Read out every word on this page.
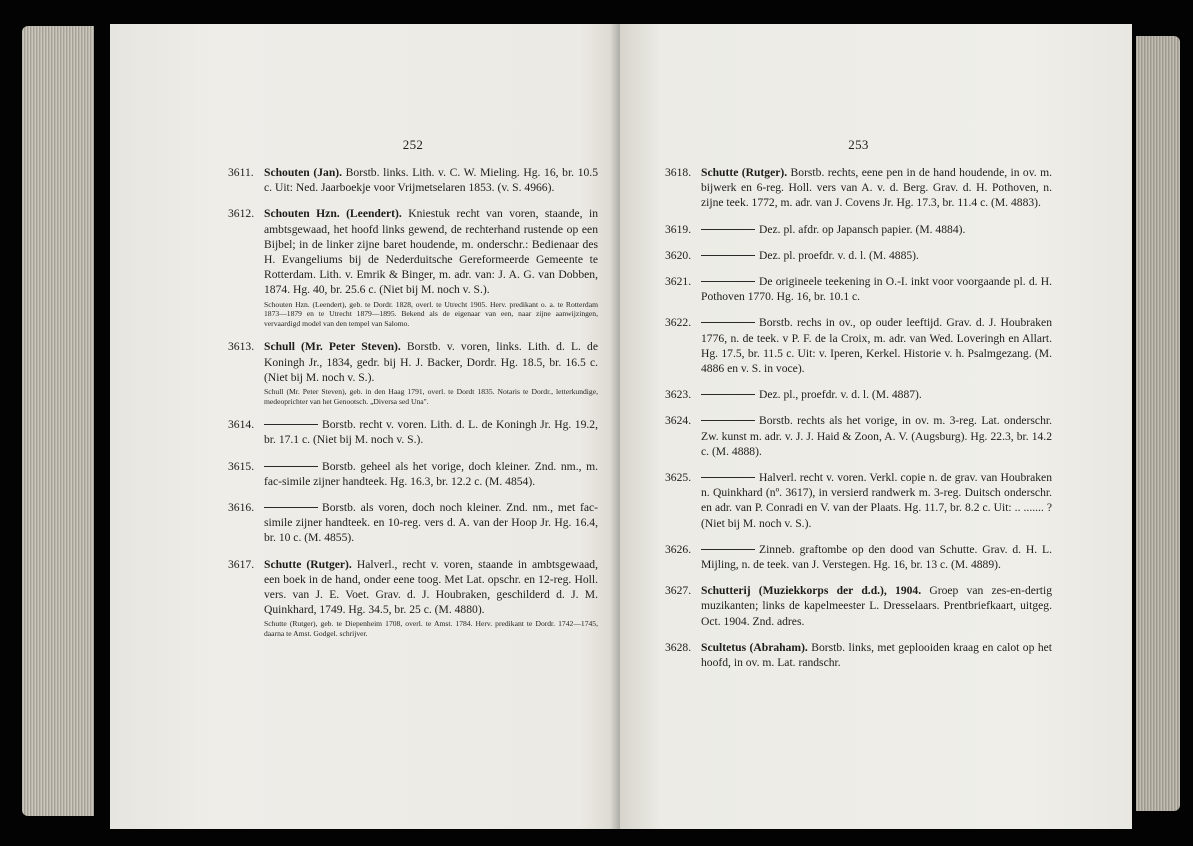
252
3611. Schouten (Jan). Borstb. links. Lith. v. C. W. Mieling. Hg. 16, br. 10.5 c. Uit: Ned. Jaarboekje voor Vrijmetselaren 1853. (v. S. 4966).
3612. Schouten Hzn. (Leendert). Kniestuk recht van voren, staande, in ambtsgewaad, het hoofd links gewend, de rechterhand rustende op een Bijbel; in de linker zijne baret houdende, m. onderschr.: Bedienaar des H. Evangeliums bij de Nederduitsche Gereformeerde Gemeente te Rotterdam. Lith. v. Emrik & Binger, m. adr. van: J. A. G. van Dobben, 1874. Hg. 40, br. 25.6 c. (Niet bij M. noch v. S.).
Schouten Hzn. (Leendert), geb. te Dordr. 1828, overl. te Utrecht 1905. Herv. predikant o. a. te Rotterdam 1873—1879 en te Utrecht 1879—1895. Bekend als de eigenaar van een, naar zijne aanwijzingen, vervaardigd model van den tempel van Salomo.
3613. Schull (Mr. Peter Steven). Borstb. v. voren, links. Lith. d. L. de Koningh Jr., 1834, gedr. bij H. J. Backer, Dordr. Hg. 18.5, br. 16.5 c. (Niet bij M. noch v. S.).
Schull (Mr. Peter Steven), geb. in den Haag 1791, overl. te Dordt 1835. Notaris te Dordr., letterkundige, medeoprichter van het Genootsch. „Diversa sed Una".
3614.	Borstb. recht v. voren. Lith. d. L. de Koningh Jr. Hg. 19.2, br. 17.1 c. (Niet bij M. noch v. S.).
3615.	Borstb. geheel als het vorige, doch kleiner. Znd. nm., m. fac-simile zijner handteek. Hg. 16.3, br. 12.2 c. (M. 4854).
3616.	Borstb. als voren, doch noch kleiner. Znd. nm., met fac-simile zijner handteek. en 10-reg. vers d. A. van der Hoop Jr. Hg. 16.4, br. 10 c. (M. 4855).
3617. Schutte (Rutger). Halverl., recht v. voren, staande in ambtsgewaad, een boek in de hand, onder eene toog. Met Lat. opschr. en 12-reg. Holl. vers. van J. E. Voet. Grav. d. J. Houbraken, geschilderd d. J. M. Quinkhard, 1749. Hg. 34.5, br. 25 c. (M. 4880).
Schutte (Rutger), geb. te Diepenheim 1708, overl. te Amst. 1784. Herv. predikant te Dordr. 1742—1745, daarna te Amst. Godgel. schrijver.
253
3618. Schutte (Rutger). Borstb. rechts, eene pen in de hand houdende, in ov. m. bijwerk en 6-reg. Holl. vers van A. v. d. Berg. Grav. d. H. Pothoven, n. zijne teek. 1772, m. adr. van J. Covens Jr. Hg. 17.3, br. 11.4 c. (M. 4883).
3619.	Dez. pl. afdr. op Japansch papier. (M. 4884).
3620.	Dez. pl. proefdr. v. d. l. (M. 4885).
3621.	De origineele teekening in O.-I. inkt voor voorgaande pl. d. H. Pothoven 1770. Hg. 16, br. 10.1 c.
3622.	Borstb. rechs in ov., op ouder leeftijd. Grav. d. J. Houbraken 1776, n. de teek. v P. F. de la Croix, m. adr. van Wed. Loveringh en Allart. Hg. 17.5, br. 11.5 c. Uit: v. Iperen, Kerkel. Historie v. h. Psalmgezang. (M. 4886 en v. S. in voce).
3623.	Dez. pl., proefdr. v. d. l. (M. 4887).
3624.	Borstb. rechts als het vorige, in ov. m. 3-reg. Lat. onderschr. Zw. kunst m. adr. v. J. J. Haid & Zoon, A. V. (Augsburg). Hg. 22.3, br. 14.2 c. (M. 4888).
3625.	Halverl. recht v. voren. Verkl. copie n. de grav. van Houbraken n. Quinkhard (nº. 3617), in versierd randwerk m. 3-reg. Duitsch onderschr. en adr. van P. Conradi en V. van der Plaats. Hg. 11.7, br. 8.2 c. Uit: .. ....... ? (Niet bij M. noch v. S.).
3626.	Zinneb. graftombe op den dood van Schutte. Grav. d. H. L. Mijling, n. de teek. van J. Verstegen. Hg. 16, br. 13 c. (M. 4889).
3627. Schutterij (Muziekkorps der d.d.), 1904. Groep van zes-en-dertig muzikanten; links de kapelmeester L. Dresselaars. Prentbriefkaart, uitgeg. Oct. 1904. Znd. adres.
3628. Scultetus (Abraham). Borstb. links, met geplooiden kraag en calot op het hoofd, in ov. m. Lat. randschr.
